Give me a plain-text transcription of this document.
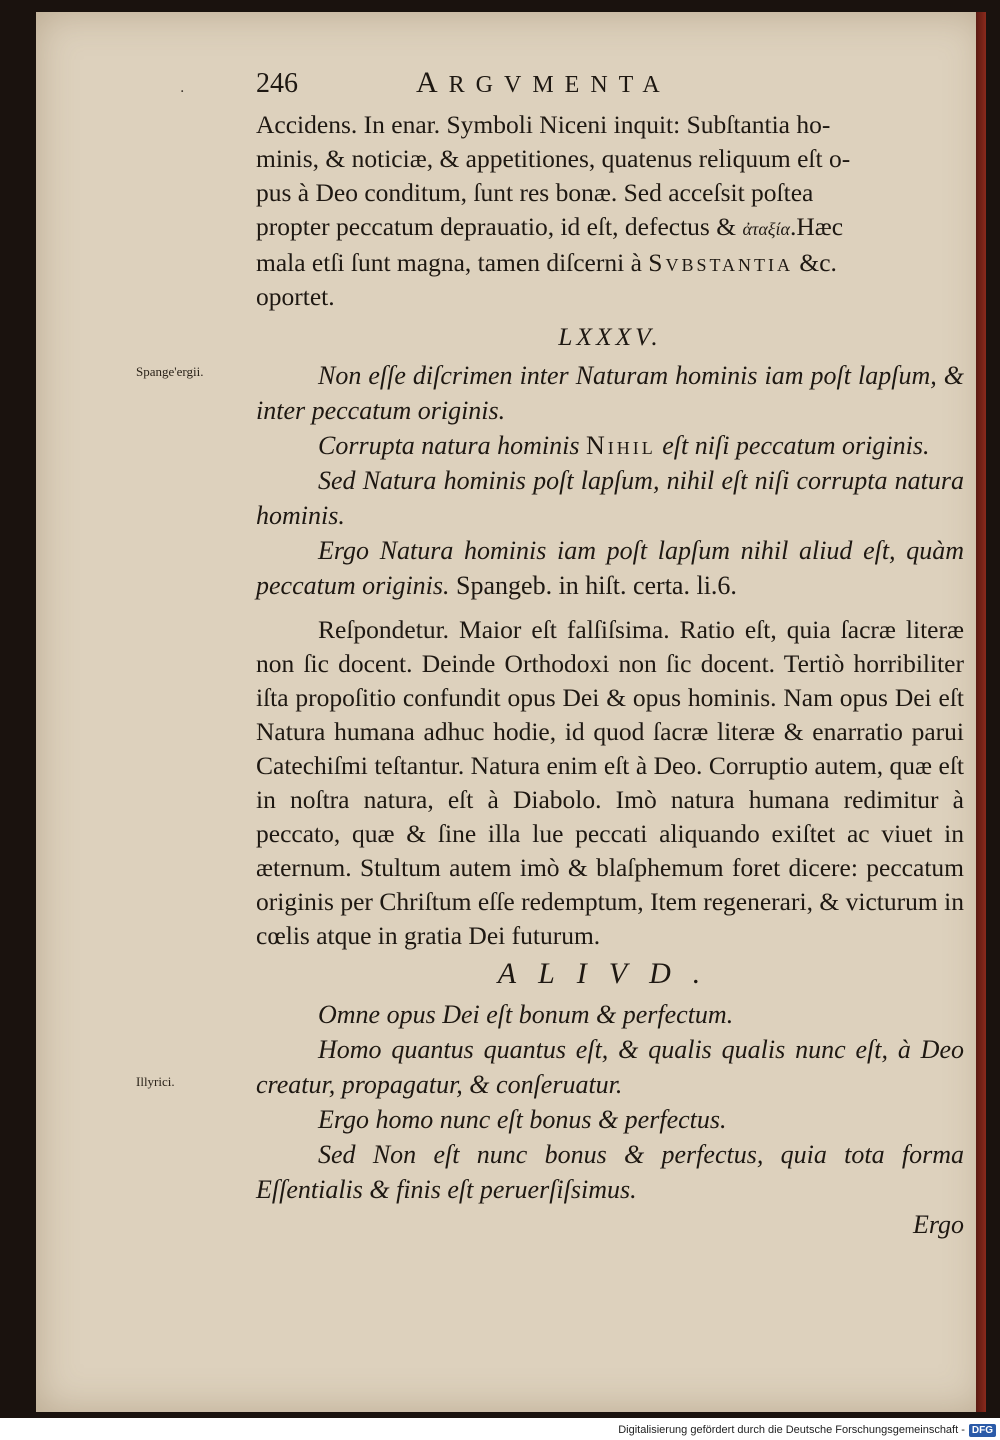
·
Spange'ergii.
Illyrici.
246	ARGVMENTA

Accidens. In enar. Symboli Niceni inquit: Subſtantia ho-
minis, & noticiæ, & appetitiones, quatenus reliquum eſt o-
pus à Deo conditum, ſunt res bonæ. Sed acceſsit poſtea
propter peccatum deprauatio, id eſt, defectus & ἀταξία.Hæc
mala etſi ſunt magna, tamen diſcerni à Svbstantia &c.
oportet.

LXXXV.

Non eſſe diſcrimen inter Naturam hominis iam poſt lapſum, & inter peccatum originis.

Corrupta natura hominis Nihil eſt niſi peccatum originis.

Sed Natura hominis poſt lapſum, nihil eſt niſi corrupta natura hominis.

Ergo Natura hominis iam poſt lapſum nihil aliud eſt, quàm peccatum originis. Spangeb. in hiſt. certa. li.6.

Reſpondetur. Maior eſt falſiſsima. Ratio eſt, quia ſacræ literæ non ſic docent. Deinde Orthodoxi non ſic docent. Tertiò horribiliter iſta propoſitio confundit opus Dei & opus hominis. Nam opus Dei eſt Natura humana adhuc hodie, id quod ſacræ literæ & enarratio parui Catechiſmi teſtantur. Natura enim eſt à Deo. Corruptio autem, quæ eſt in noſtra natura, eſt à Diabolo. Imò natura humana redimitur à peccato, quæ & ſine illa lue peccati aliquando exiſtet ac viuet in æternum. Stultum autem imò & blaſphemum foret dicere: peccatum originis per Chriſtum eſſe redemptum, Item regenerari, & victurum in cœlis atque in gratia Dei futurum.

ALIVD.

Omne opus Dei eſt bonum & perfectum.

Homo quantus quantus eſt, & qualis qualis nunc eſt, à Deo creatur, propagatur, & conſeruatur.

Ergo homo nunc eſt bonus & perfectus.

Sed Non eſt nunc bonus & perfectus, quia tota forma Eſſentialis & finis eſt peruerſiſsimus.

Ergo

Digitalisierung gefördert durch die Deutsche Forschungsgemeinschaft - DFG
